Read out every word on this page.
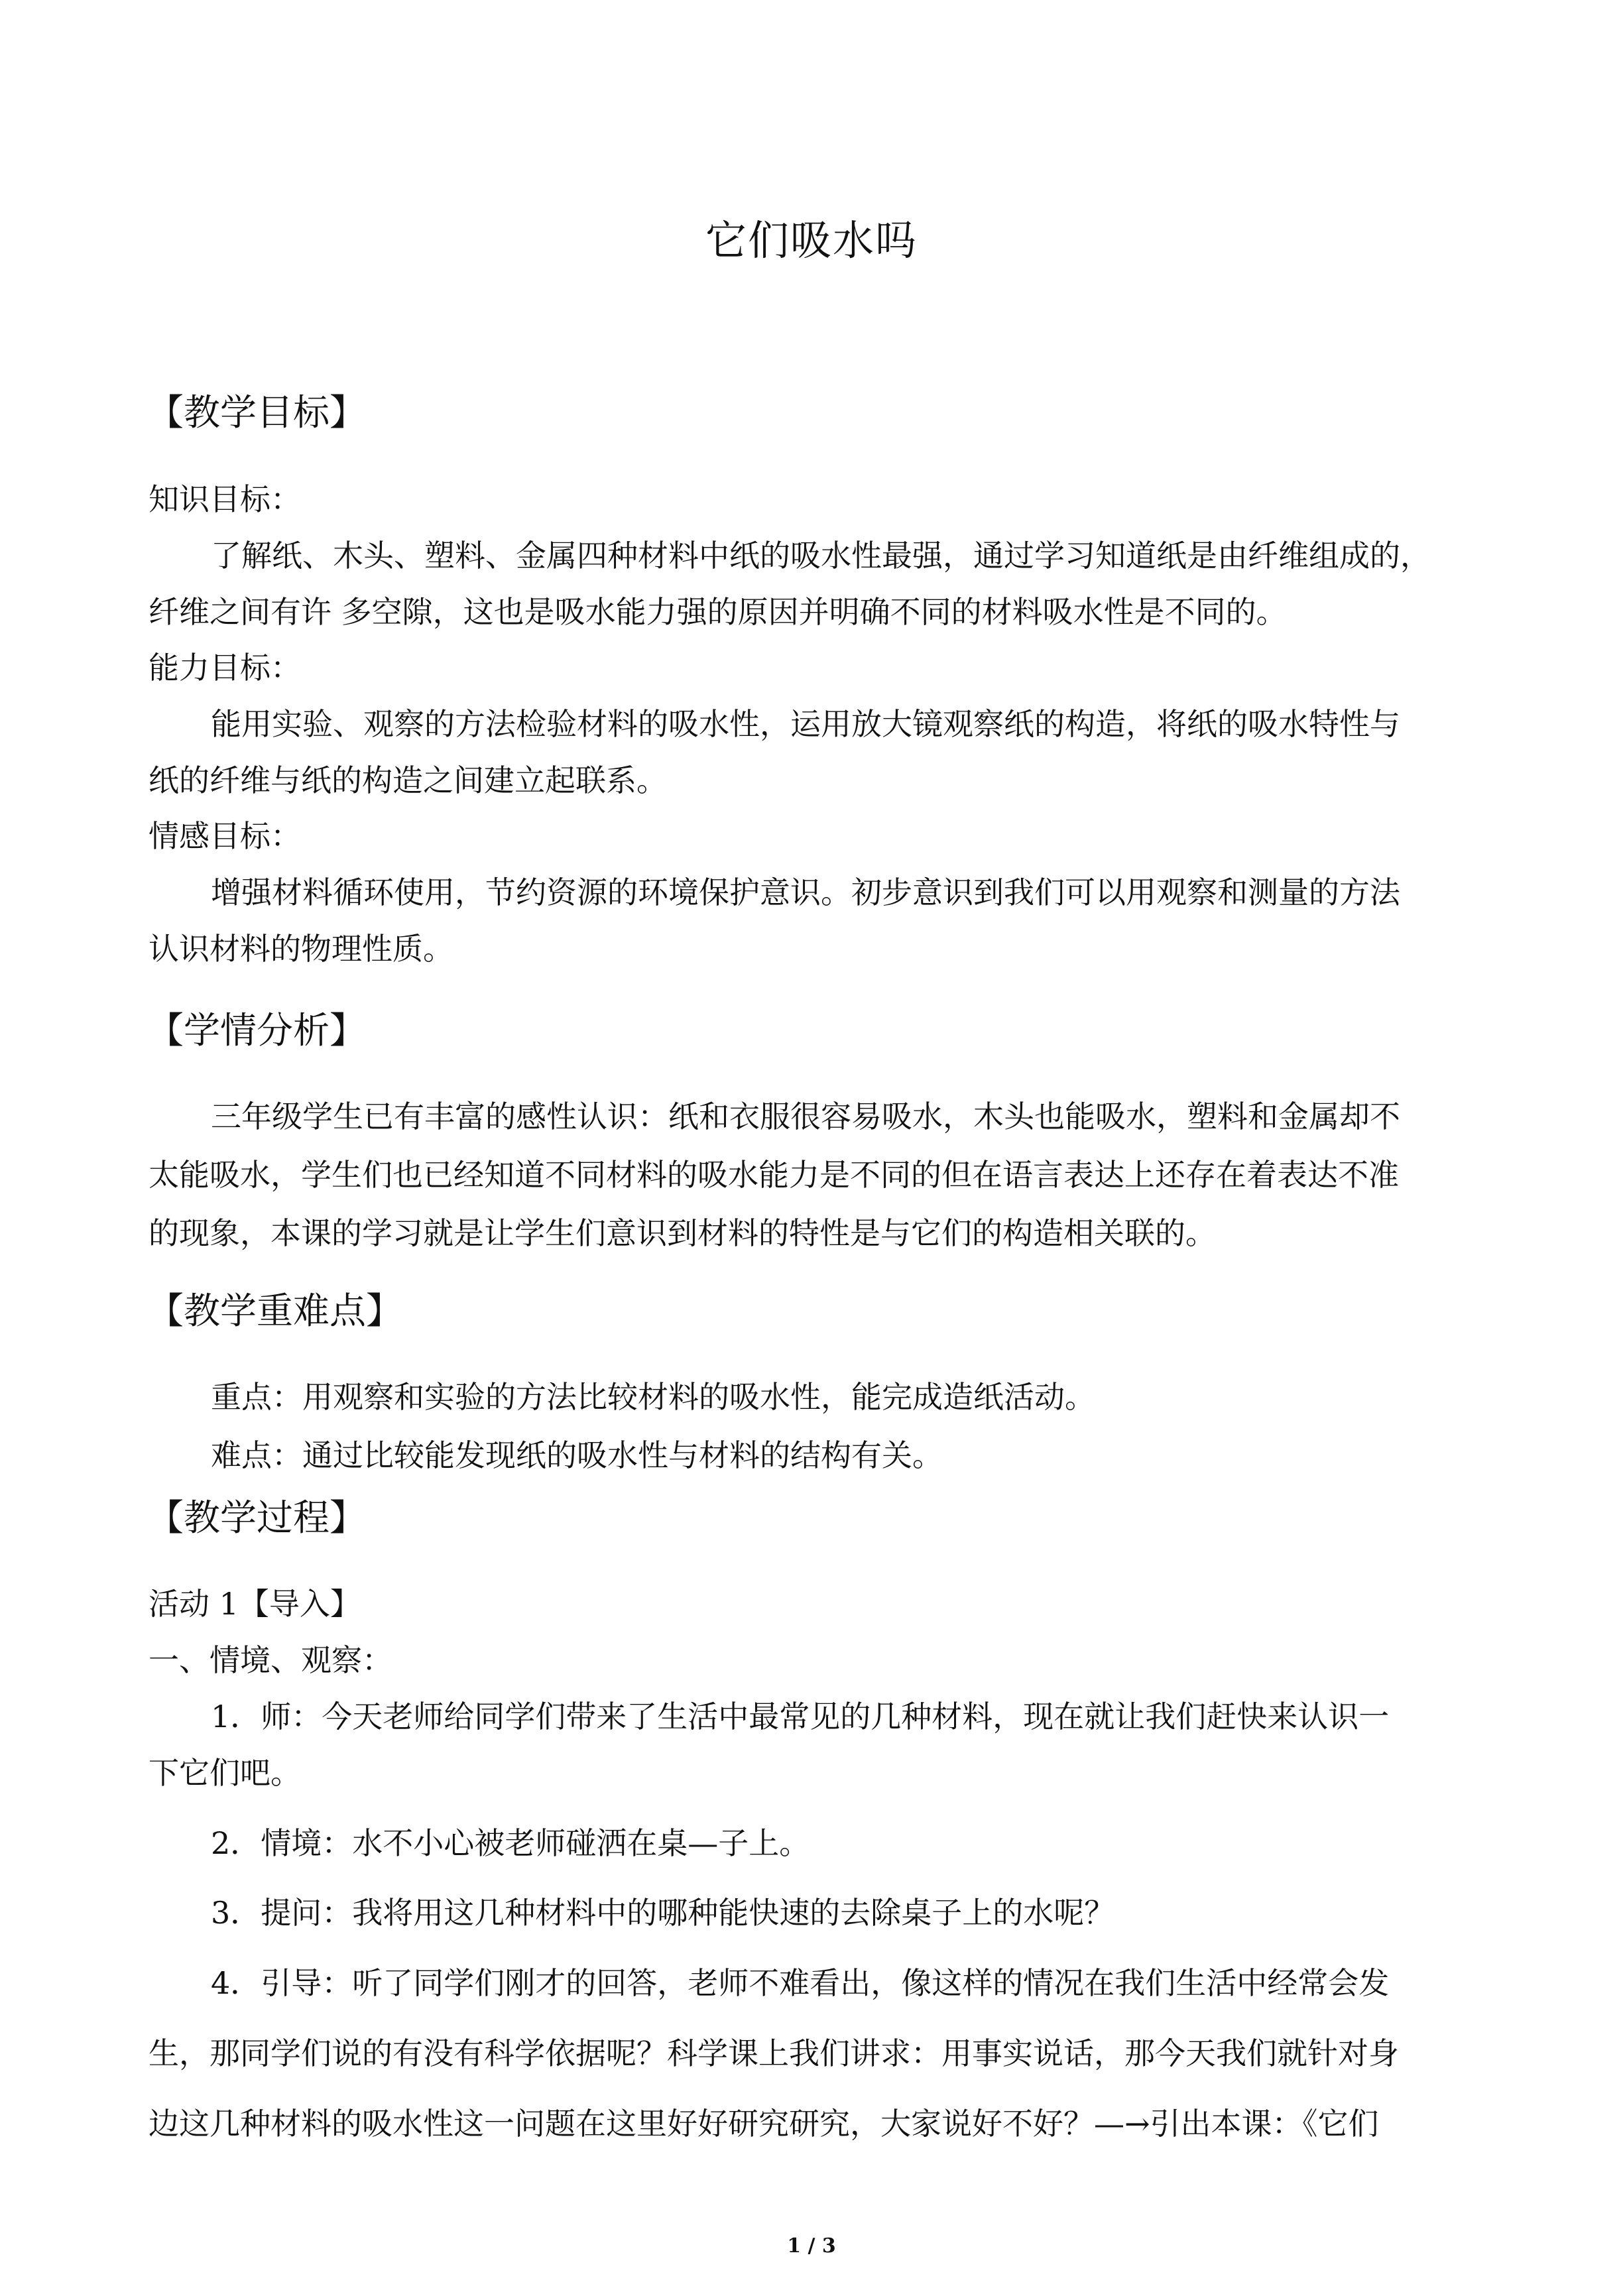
它们吸水吗
【教学目标】
知识目标：
了解纸、木头、塑料、金属四种材料中纸的吸水性最强，通过学习知道纸是由纤维组成的，
纤维之间有许 多空隙，这也是吸水能力强的原因并明确不同的材料吸水性是不同的。
能力目标：
能用实验、观察的方法检验材料的吸水性，运用放大镜观察纸的构造，将纸的吸水特性与
纸的纤维与纸的构造之间建立起联系。
情感目标：
增强材料循环使用，节约资源的环境保护意识。初步意识到我们可以用观察和测量的方法
认识材料的物理性质。
【学情分析】
三年级学生已有丰富的感性认识：纸和衣服很容易吸水，木头也能吸水，塑料和金属却不
太能吸水，学生们也已经知道不同材料的吸水能力是不同的但在语言表达上还存在着表达不准
的现象，本课的学习就是让学生们意识到材料的特性是与它们的构造相关联的。
【教学重难点】
重点：用观察和实验的方法比较材料的吸水性，能完成造纸活动。
难点：通过比较能发现纸的吸水性与材料的结构有关。
【教学过程】
活动 1【导入】
一、情境、观察：
1．师：今天老师给同学们带来了生活中最常见的几种材料，现在就让我们赶快来认识一
下它们吧。
2．情境：水不小心被老师碰洒在桌—子上。
3．提问：我将用这几种材料中的哪种能快速的去除桌子上的水呢？
4．引导：听了同学们刚才的回答，老师不难看出，像这样的情况在我们生活中经常会发
生，那同学们说的有没有科学依据呢？科学课上我们讲求：用事实说话，那今天我们就针对身
边这几种材料的吸水性这一问题在这里好好研究研究，大家说好不好？—→引出本课：《它们
1 / 3
